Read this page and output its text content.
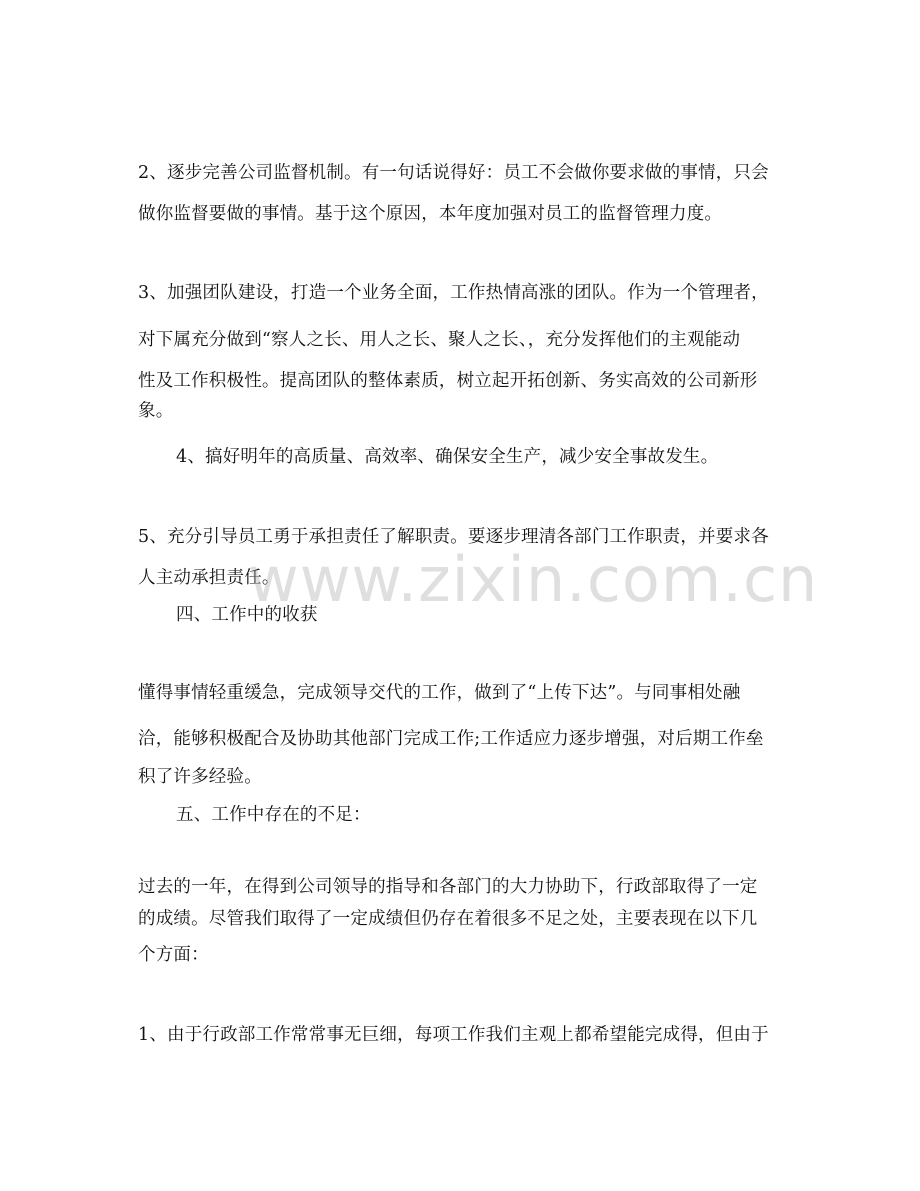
2、逐步完善公司监督机制。有一句话说得好：员工不会做你要求做的事情，只会
做你监督要做的事情。基于这个原因，本年度加强对员工的监督管理力度。
3、加强团队建设，打造一个业务全面，工作热情高涨的团队。作为一个管理者，
对下属充分做到“察人之长、用人之长、聚人之长、，充分发挥他们的主观能动
性及工作积极性。提高团队的整体素质，树立起开拓创新、务实高效的公司新形
象。
4、搞好明年的高质量、高效率、确保安全生产，减少安全事故发生。
5、充分引导员工勇于承担责任了解职责。要逐步理清各部门工作职责，并要求各
人主动承担责任。
四、工作中的收获
懂得事情轻重缓急，完成领导交代的工作，做到了“上传下达”。与同事相处融
洽，能够积极配合及协助其他部门完成工作;工作适应力逐步增强，对后期工作垒
积了许多经验。
五、工作中存在的不足：
过去的一年，在得到公司领导的指导和各部门的大力协助下，行政部取得了一定
的成绩。尽管我们取得了一定成绩但仍存在着很多不足之处，主要表现在以下几
个方面：
1、由于行政部工作常常事无巨细，每项工作我们主观上都希望能完成得，但由于
www.zixin.com.cn
